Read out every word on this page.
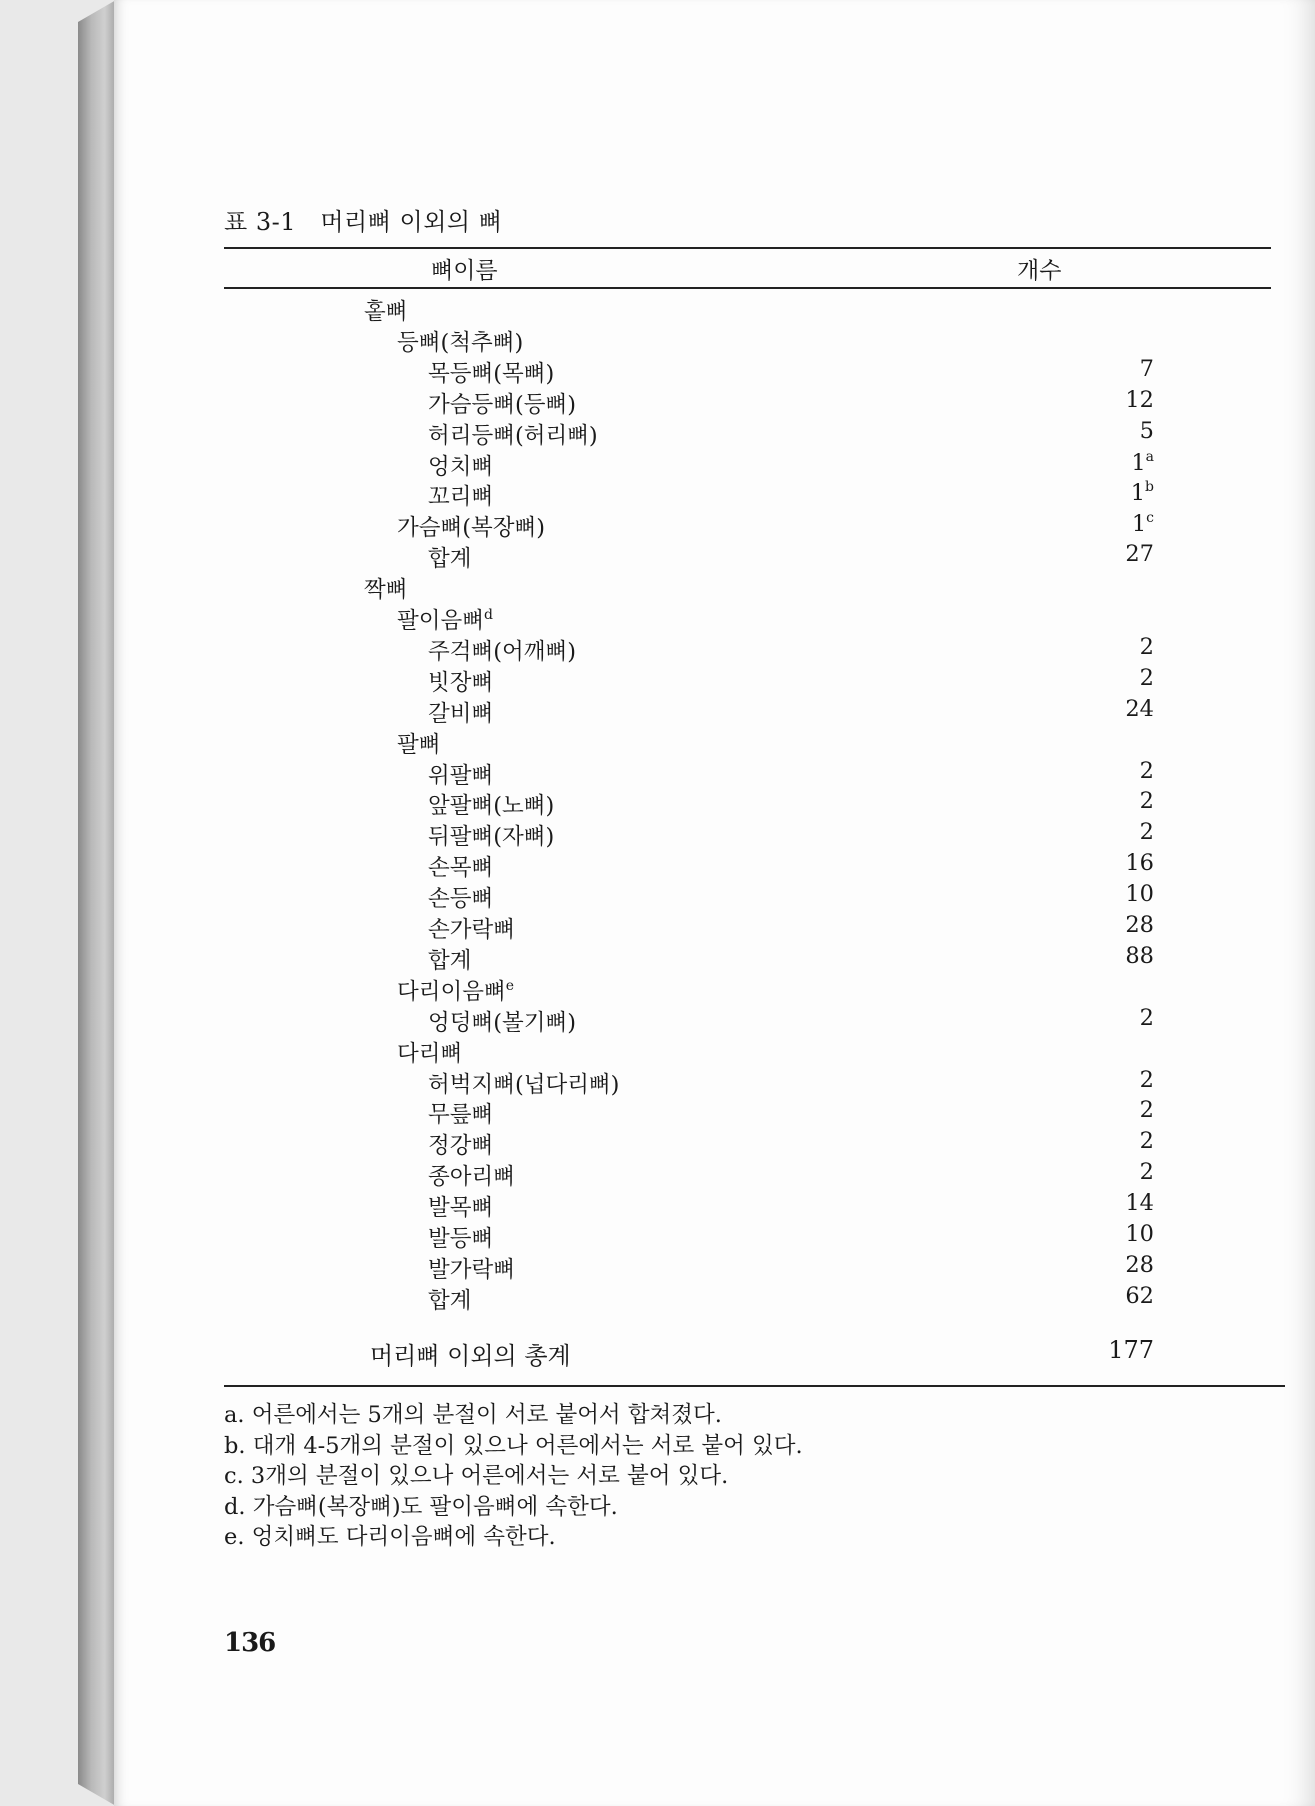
표 3-1   머리뼈 이외의 뼈
뼈이름	개수
홑뼈
등뼈(척추뼈)
목등뼈(목뼈)	7
가슴등뼈(등뼈)	12
허리등뼈(허리뼈)	5
엉치뼈	1$^a$
꼬리뼈	1$^b$
가슴뼈(복장뼈)	1$^c$
합계	27
짝뼈
팔이음뼈$^d$
주걱뼈(어깨뼈)	2
빗장뼈	2
갈비뼈	24
팔뼈
위팔뼈	2
앞팔뼈(노뼈)	2
뒤팔뼈(자뼈)	2
손목뼈	16
손등뼈	10
손가락뼈	28
합계	88
다리이음뼈$^e$
엉덩뼈(볼기뼈)	2
다리뼈
허벅지뼈(넙다리뼈)	2
무릎뼈	2
정강뼈	2
종아리뼈	2
발목뼈	14
발등뼈	10
발가락뼈	28
합계	62
머리뼈 이외의 총계	177
a. 어른에서는 5개의 분절이 서로 붙어서 합쳐졌다.
b. 대개 4-5개의 분절이 있으나 어른에서는 서로 붙어 있다.
c. 3개의 분절이 있으나 어른에서는 서로 붙어 있다.
d. 가슴뼈(복장뼈)도 팔이음뼈에 속한다.
e. 엉치뼈도 다리이음뼈에 속한다.
136
